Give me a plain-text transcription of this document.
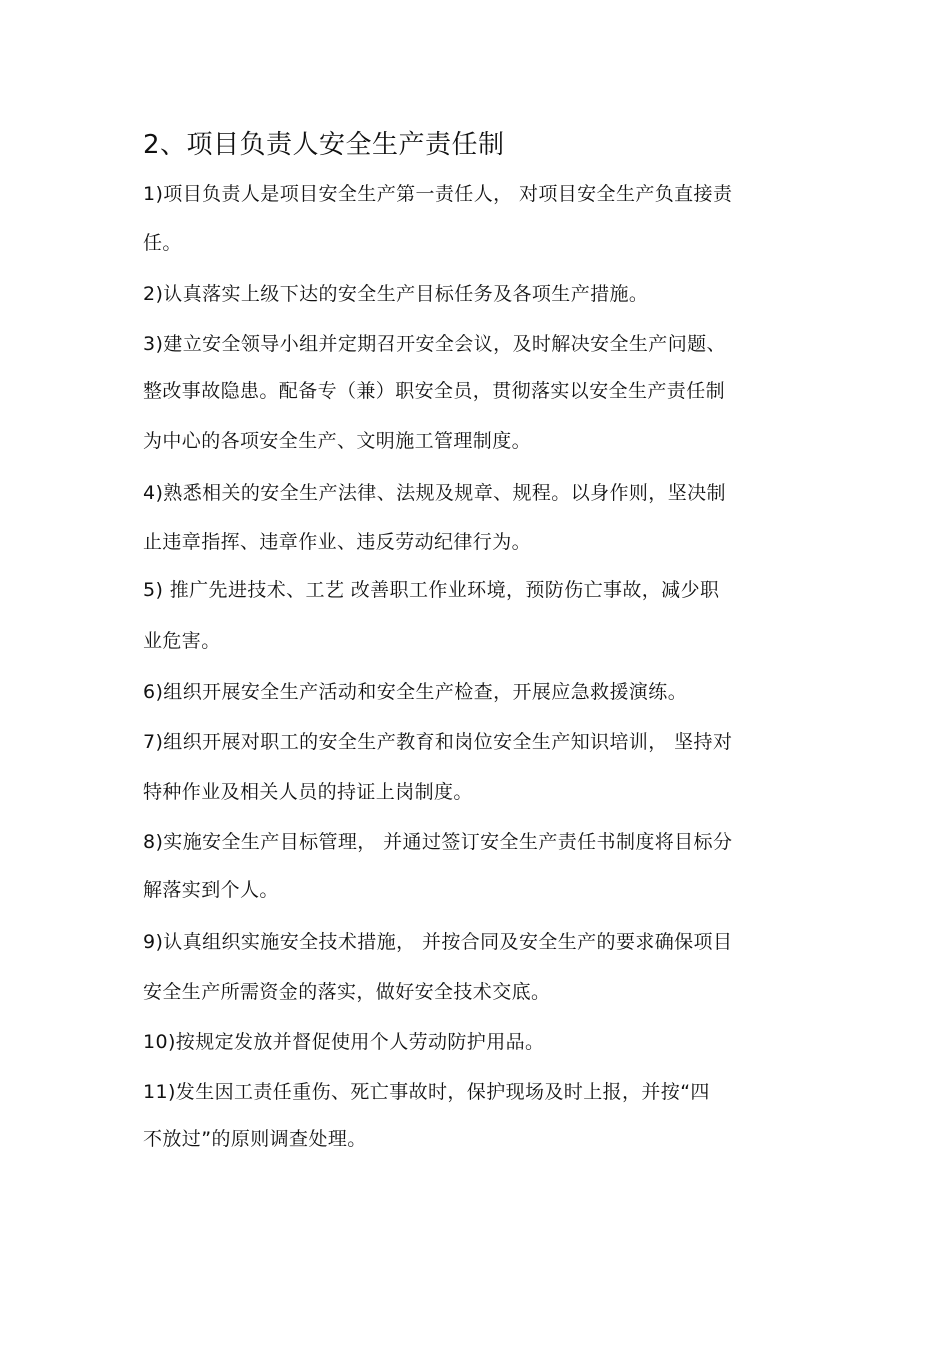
2、项目负责人安全生产责任制
1)项目负责人是项目安全生产第一责任人， 对项目安全生产负直接责
任。
2)认真落实上级下达的安全生产目标任务及各项生产措施。
3)建立安全领导小组并定期召开安全会议，及时解决安全生产问题、
整改事故隐患。配备专（兼）职安全员，贯彻落实以安全生产责任制
为中心的各项安全生产、文明施工管理制度。
4)熟悉相关的安全生产法律、法规及规章、规程。以身作则，坚决制
止违章指挥、违章作业、违反劳动纪律行为。
5) 推广先进技术、工艺 改善职工作业环境，预防伤亡事故，减少职
业危害。
6)组织开展安全生产活动和安全生产检查，开展应急救援演练。
7)组织开展对职工的安全生产教育和岗位安全生产知识培训， 坚持对
特种作业及相关人员的持证上岗制度。
8)实施安全生产目标管理， 并通过签订安全生产责任书制度将目标分
解落实到个人。
9)认真组织实施安全技术措施， 并按合同及安全生产的要求确保项目
安全生产所需资金的落实，做好安全技术交底。
10)按规定发放并督促使用个人劳动防护用品。
11)发生因工责任重伤、死亡事故时，保护现场及时上报，并按“四
不放过”的原则调查处理。
